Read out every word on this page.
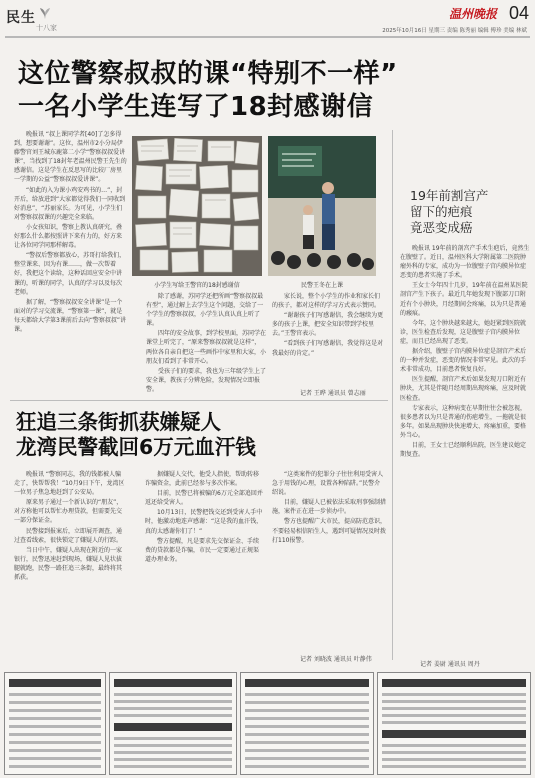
民生
十八家
温州晚报 04
2025年10月16日 星期三 责编 陈秀丽 编辑 傅珍 美编 林斌
这位警察叔叔的课“特别不一样”
一名小学生连写了18封感谢信

晚报讯 “叔上课同学者[40]了怎多得到，想要谢谢”。这位，温州市2小分局伊藤警官刘王城东鹿第二小学“警察叔叔爱讲课”，当找到了18封年老温州民警王先生的感谢信。这是学生在反思写的比较厂房里一学期的公益“警察叔叔爱讲课”。

“如此的入为课小鸡安鸡书的…”，封开后，给放进到“大家都觉得我们一同收到好消息”，“苏丽家长。为可见，小学生们对警察叔叔课的兴趣完全来临。

小女孩知识，警察上教认真研究，叠好那么什么都按照讲下来有力的，好方来让各位同学同那样解毒。

“警叔后警察都放心，苏哥打给我们，整堂课来、因为有课……，做一次帮着好，我把这个读给，这种话回应安全中讲课的，听课的同学，认真的学习以及每次老师。

据了解，“警察叔叔安全讲课”是一个面对的学习交流课，“警察第一课”，就是每天都给大学第3课前后去向“警察叔叔”讲课。

小学生写给王警官的18封感谢信	民警王冬在上课

除了感谢，苏同学还把所画“警察叔叔最有型”，通过解上去学生这个问题，交给了一个学生的警察叔叔，小学生认真认真上听了课。

四年的安全故事，到学校里面，苏同学在课堂上听完了，“原来警察叔叔就是这样”，两位各自亲自把这一些画作中家里和大家，小朋友们看到了非常开心。

受孩子们的要求，我也为三年级学生上了安全课，教孩子分辨危险，发现情况立即报警。

家长说，整个小学生的作业和家长们的孩子，都对这样的学习方式表示赞同。

“谢谢孩子们写感谢信，我会继续为更多的孩子上课，把安全知识带到学校里去。”王警官表示。

“看到孩子们写感谢信，我觉得这是对我最好的肯定。”

记者 王晔 通讯员 曾志丽
19年前割宫产
留下的疤痕
竟恶变成癌

晚报讯 19年前的剖宫产手术生疤后，竟然生在腹壁了。近日，温州医科大学附属第二医院肿瘤外科的专家，成功为一位腹壁子宫内膜异位症恶变的患者实施了手术。

王女士今年四十几岁，19年前在温州某医院剖宫产生下孩子。最近几年她发现下腹部刀口附近有个小肿块，月经期间会疼痛，以为只是普通的瘢痕。

今年，这个肿块越来越大，她赶紧到医院就诊，医生检查后发现，这是腹壁子宫内膜异位症，而且已经出现了恶变。

据介绍，腹壁子宫内膜异位症是剖宫产术后的一种并发症，恶变的情况非常罕见。此次的手术非常成功，目前患者恢复良好。

医生提醒，剖宫产术后如果发现刀口附近有肿块，尤其是伴随月经周期出现疼痛，应及时就医检查。

专家表示，这种病变在早期往往会被忽视，很多患者以为只是普通的伤疤增生，一拖就是很多年。如果出现肿块快速增大、疼痛加重，要格外当心。

目前，王女士已经顺利出院，医生建议她定期复查。

记者 姜尉 通讯员 周丹
狂追三条街抓获嫌疑人
龙湾民警截回6万元血汗钱

晚报讯 “警察同志，我的钱都被人骗走了，快帮帮我！”10月9日下午，龙湾区一位男子焦急地赶到了公安局。

原来男子通过一个新认识的“朋友”，对方称他可以帮忙办理贷款，但需要先交一部分保证金。

民警接到报案后，立即展开调查，通过查看线索，很快锁定了嫌疑人的行踪。

当日中午，嫌疑人出现在附近的一家银行，民警迅速赶到现场，嫌疑人见状拔腿就跑，民警一路狂追三条街，最终将其抓获。

据嫌疑人交代，他受人指使，帮助转移诈骗资金，此前已经参与多次作案。

目前，民警已将被骗的6万元全部追回并返还给受害人。

10月13日，民警把钱交还到受害人手中时，他激动地连声感谢：“这是我的血汗钱，真的太感谢你们了！”

警方提醒，凡是要求先交保证金、手续费的贷款都是诈骗，市民一定要通过正规渠道办理业务。

“这类案件的犯罪分子往往利用受害人急于用钱的心理，设置各种陷阱。”民警介绍说。

目前，嫌疑人已被依法采取刑事强制措施，案件正在进一步侦办中。

警方也提醒广大市民，提高防范意识，不要轻易相信陌生人，遇到可疑情况及时拨打110报警。

记者 刘晓波 通讯员 叶静伟
